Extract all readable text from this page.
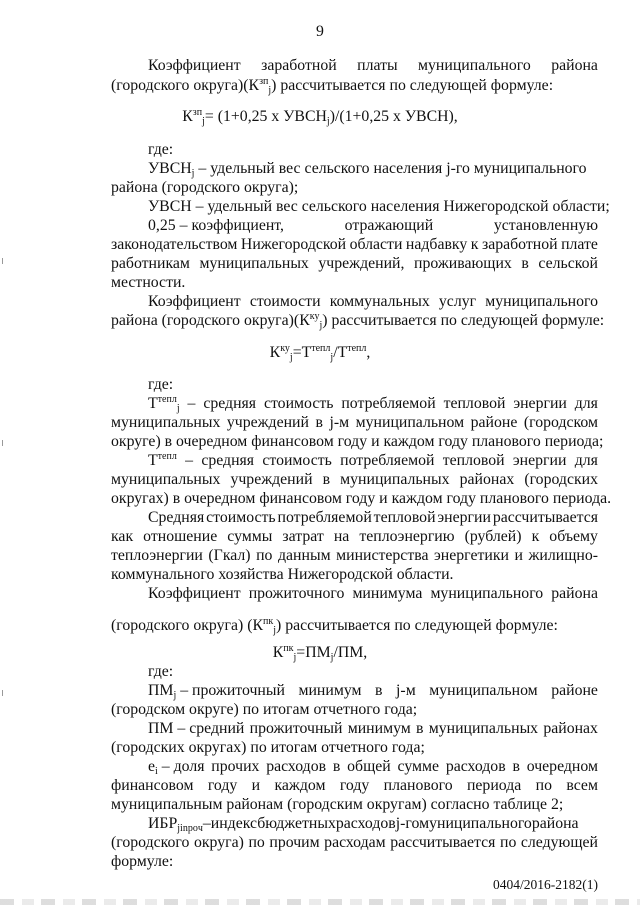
9
Коэффициент заработной платы муниципального района
(городского $округа)(К^{зп}_j)$ рассчитывается по следующей формуле:
$К^{зп}_j= (1+0,25$ х $УВСН_j)/(1+0,25$ х УВСН),
где:
$УВСН_j$ – удельный вес сельского населения j-го муниципального
района (городского округа);
УВСН – удельный вес сельского населения Нижегородской области;
0,25 – коэффициент,	отражающий	установленную
законодательством Нижегородской области надбавку к заработной плате
работникам муниципальных учреждений, проживающих в сельской
местности.
Коэффициент стоимости коммунальных услуг муниципального
района (городского $округа)(К^{ку}_j)$ рассчитывается по следующей формуле:
$К^{ку}_j=Т^{тепл}_j/Т^{тепл}$,
где:
$Т^{тепл}_j$ – средняя стоимость потребляемой тепловой энергии для
муниципальных учреждений в j-м муниципальном районе (городском
округе) в очередном финансовом году и каждом году планового периода;
$Т^{тепл}$ – средняя стоимость потребляемой тепловой энергии для
муниципальных учреждений в муниципальных районах (городских
округах) в очередном финансовом году и каждом году планового периода.
Средняя стоимость потребляемой тепловой энергии рассчитывается
как отношение суммы затрат на теплоэнергию (рублей) к объему
теплоэнергии (Гкал) по данным министерства энергетики и жилищно-
коммунального хозяйства Нижегородской области.
Коэффициент прожиточного минимума муниципального района
(городского округа) $(К^{пк}_j)$ рассчитывается по следующей формуле:
$К^{пк}_j=ПМ_j/ПМ$,
где:
$ПМ_j$ – прожиточный минимум в j-м муниципальном районе
(городском округе) по итогам отчетного года;
ПМ – средний прожиточный минимум в муниципальных районах
(городских округах) по итогам отчетного года;
$е_i$ – доля прочих расходов в общей сумме расходов в очередном
финансовом году и каждом году планового периода по всем
муниципальным районам (городским округам) согласно таблице 2;
$ИБР_{jinpoч}-индексбюджетныхрасходовj$-гомуниципальногорайона
(городского округа) по прочим расходам рассчитывается по следующей
формуле:
0404/2016-2182(1)
